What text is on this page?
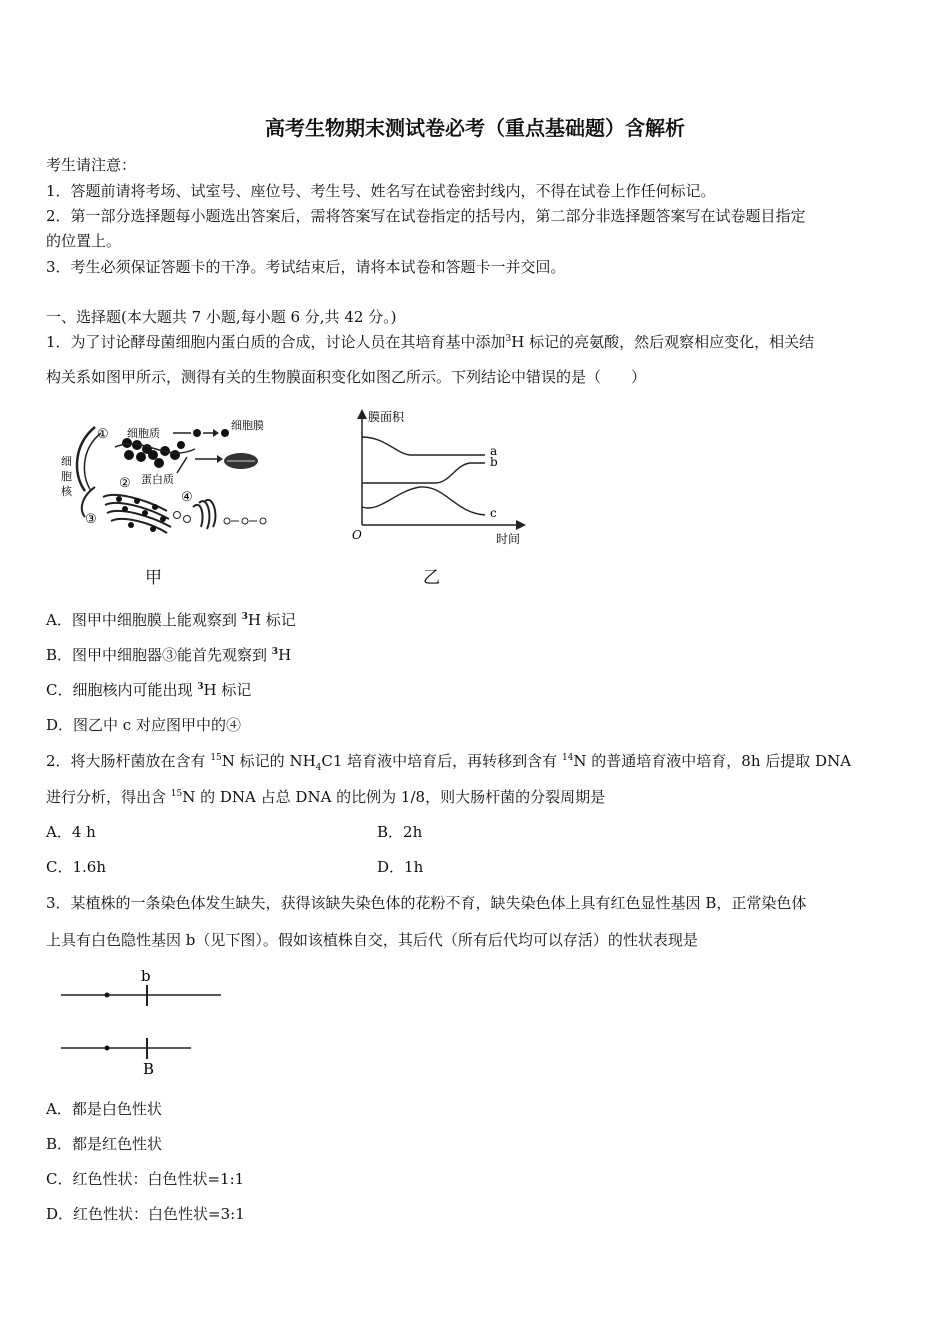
高考生物期末测试卷必考（重点基础题）含解析
考生请注意：
1．答题前请将考场、试室号、座位号、考生号、姓名写在试卷密封线内，不得在试卷上作任何标记。
2．第一部分选择题每小题选出答案后，需将答案写在试卷指定的括号内，第二部分非选择题答案写在试卷题目指定
的位置上。
3．考生必须保证答题卡的干净。考试结束后，请将本试卷和答题卡一并交回。
一、选择题(本大题共 7 小题,每小题 6 分,共 42 分。)
1．为了讨论酵母菌细胞内蛋白质的合成，讨论人员在其培育基中添加$^3$H 标记的亮氨酸，然后观察相应变化，相关结
构关系如图甲所示，测得有关的生物膜面积变化如图乙所示。下列结论中错误的是（　　）
细
胞
核
① 细胞质
细胞膜
② 蛋白质
③
④
甲
膜面积
时间
O
a
b
c
乙
A．图甲中细胞膜上能观察到 $^3$H 标记
B．图甲中细胞器③能首先观察到 $^3$H
C．细胞核内可能出现 $^3$H 标记
D．图乙中 c 对应图甲中的④
2．将大肠杆菌放在含有 $^{15}$N 标记的 $NH_4C1$ 培育液中培育后，再转移到含有 $^{14}$N 的普通培育液中培育，8h 后提取 DNA
进行分析，得出含 $^{15}$N 的 DNA 占总 DNA 的比例为 1/8，则大肠杆菌的分裂周期是
A．4 h	B．2h
C．1.6h	D．1h
3．某植株的一条染色体发生缺失，获得该缺失染色体的花粉不育，缺失染色体上具有红色显性基因 B，正常染色体
上具有白色隐性基因 b（见下图）。假如该植株自交，其后代（所有后代均可以存活）的性状表现是
b
B
A．都是白色性状
B．都是红色性状
C．红色性状：白色性状=1:1
D．红色性状：白色性状=3:1
